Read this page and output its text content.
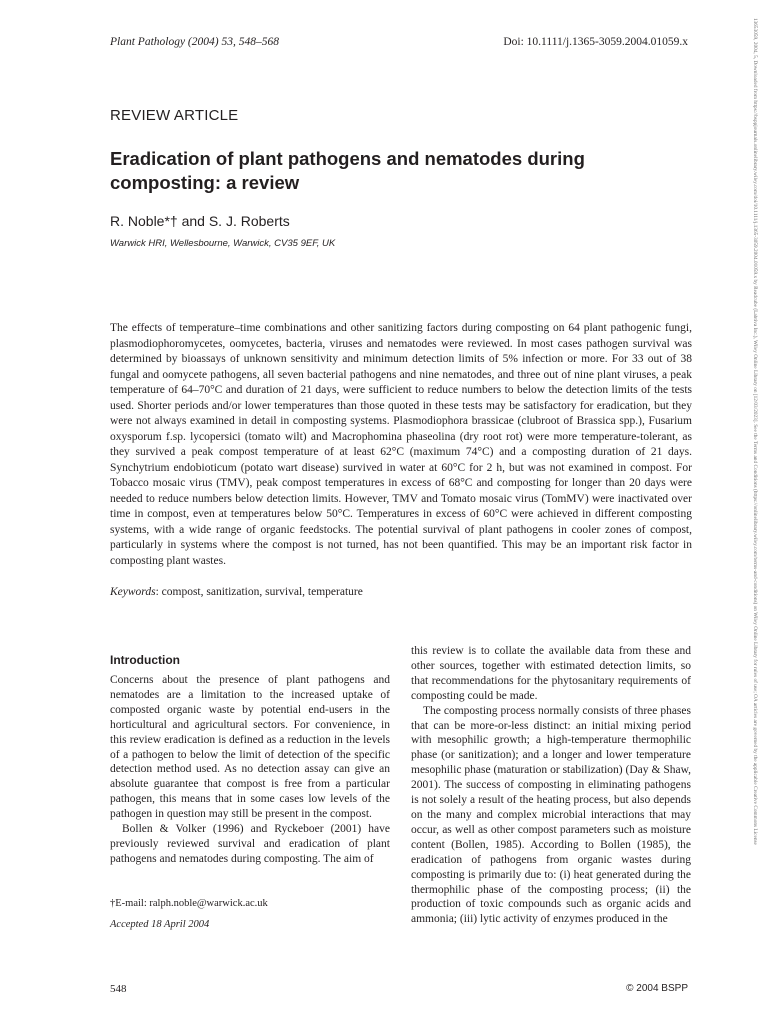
Plant Pathology (2004) 53, 548–568	Doi: 10.1111/j.1365-3059.2004.01059.x
REVIEW ARTICLE
Eradication of plant pathogens and nematodes during composting: a review
R. Noble*† and S. J. Roberts
Warwick HRI, Wellesbourne, Warwick, CV35 9EF, UK
The effects of temperature–time combinations and other sanitizing factors during composting on 64 plant pathogenic fungi, plasmodiophoromycetes, oomycetes, bacteria, viruses and nematodes were reviewed. In most cases pathogen survival was determined by bioassays of unknown sensitivity and minimum detection limits of 5% infection or more. For 33 out of 38 fungal and oomycete pathogens, all seven bacterial pathogens and nine nematodes, and three out of nine plant viruses, a peak temperature of 64–70°C and duration of 21 days, were sufficient to reduce numbers to below the detection limits of the tests used. Shorter periods and/or lower temperatures than those quoted in these tests may be satisfactory for eradication, but they were not always examined in detail in composting systems. Plasmodiophora brassicae (clubroot of Brassica spp.), Fusarium oxysporum f.sp. lycopersici (tomato wilt) and Macrophomina phaseolina (dry root rot) were more temperature-tolerant, as they survived a peak compost temperature of at least 62°C (maximum 74°C) and a composting duration of 21 days. Synchytrium endobioticum (potato wart disease) survived in water at 60°C for 2 h, but was not examined in compost. For Tobacco mosaic virus (TMV), peak compost temperatures in excess of 68°C and composting for longer than 20 days were needed to reduce numbers below detection limits. However, TMV and Tomato mosaic virus (TomMV) were inactivated over time in compost, even at temperatures below 50°C. Temperatures in excess of 60°C were achieved in different composting systems, with a wide range of organic feedstocks. The potential survival of plant pathogens in cooler zones of compost, particularly in systems where the compost is not turned, has not been quantified. This may be an important risk factor in composting plant wastes.
Keywords: compost, sanitization, survival, temperature
Introduction

Concerns about the presence of plant pathogens and nematodes are a limitation to the increased uptake of composted organic waste by potential end-users in the horticultural and agricultural sectors. For convenience, in this review eradication is defined as a reduction in the levels of a pathogen to below the limit of detection of the specific detection method used. As no detection assay can give an absolute guarantee that compost is free from a particular pathogen, this means that in some cases low levels of the pathogen in question may still be present in the compost.

Bollen & Volker (1996) and Ryckeboer (2001) have previously reviewed survival and eradication of plant pathogens and nematodes during composting. The aim of

this review is to collate the available data from these and other sources, together with estimated detection limits, so that recommendations for the phytosanitary requirements of composting could be made.

The composting process normally consists of three phases that can be more-or-less distinct: an initial mixing period with mesophilic growth; a high-temperature thermophilic phase (or sanitization); and a longer and lower temperature mesophilic phase (maturation or stabilization) (Day & Shaw, 2001). The success of composting in eliminating pathogens is not solely a result of the heating process, but also depends on the many and complex microbial interactions that may occur, as well as other compost parameters such as moisture content (Bollen, 1985). According to Bollen (1985), the eradication of pathogens from organic wastes during composting is primarily due to: (i) heat generated during the thermophilic phase of the composting process; (ii) the production of toxic compounds such as organic acids and ammonia; (iii) lytic activity of enzymes produced in the

†E-mail: ralph.noble@warwick.ac.uk
Accepted 18 April 2004
548	© 2004 BSPP
13653059, 2004, 5, Downloaded from https://bsppjournals.onlinelibrary.wiley.com/doi/10.1111/j.1365-3059.2004.01059.x by Readcube (Labtiva Inc.), Wiley Online Library on [12/03/2023]. See the Terms and Conditions (https://onlinelibrary.wiley.com/terms-and-conditions) on Wiley Online Library for rules of use; OA articles are governed by the applicable Creative Commons License
